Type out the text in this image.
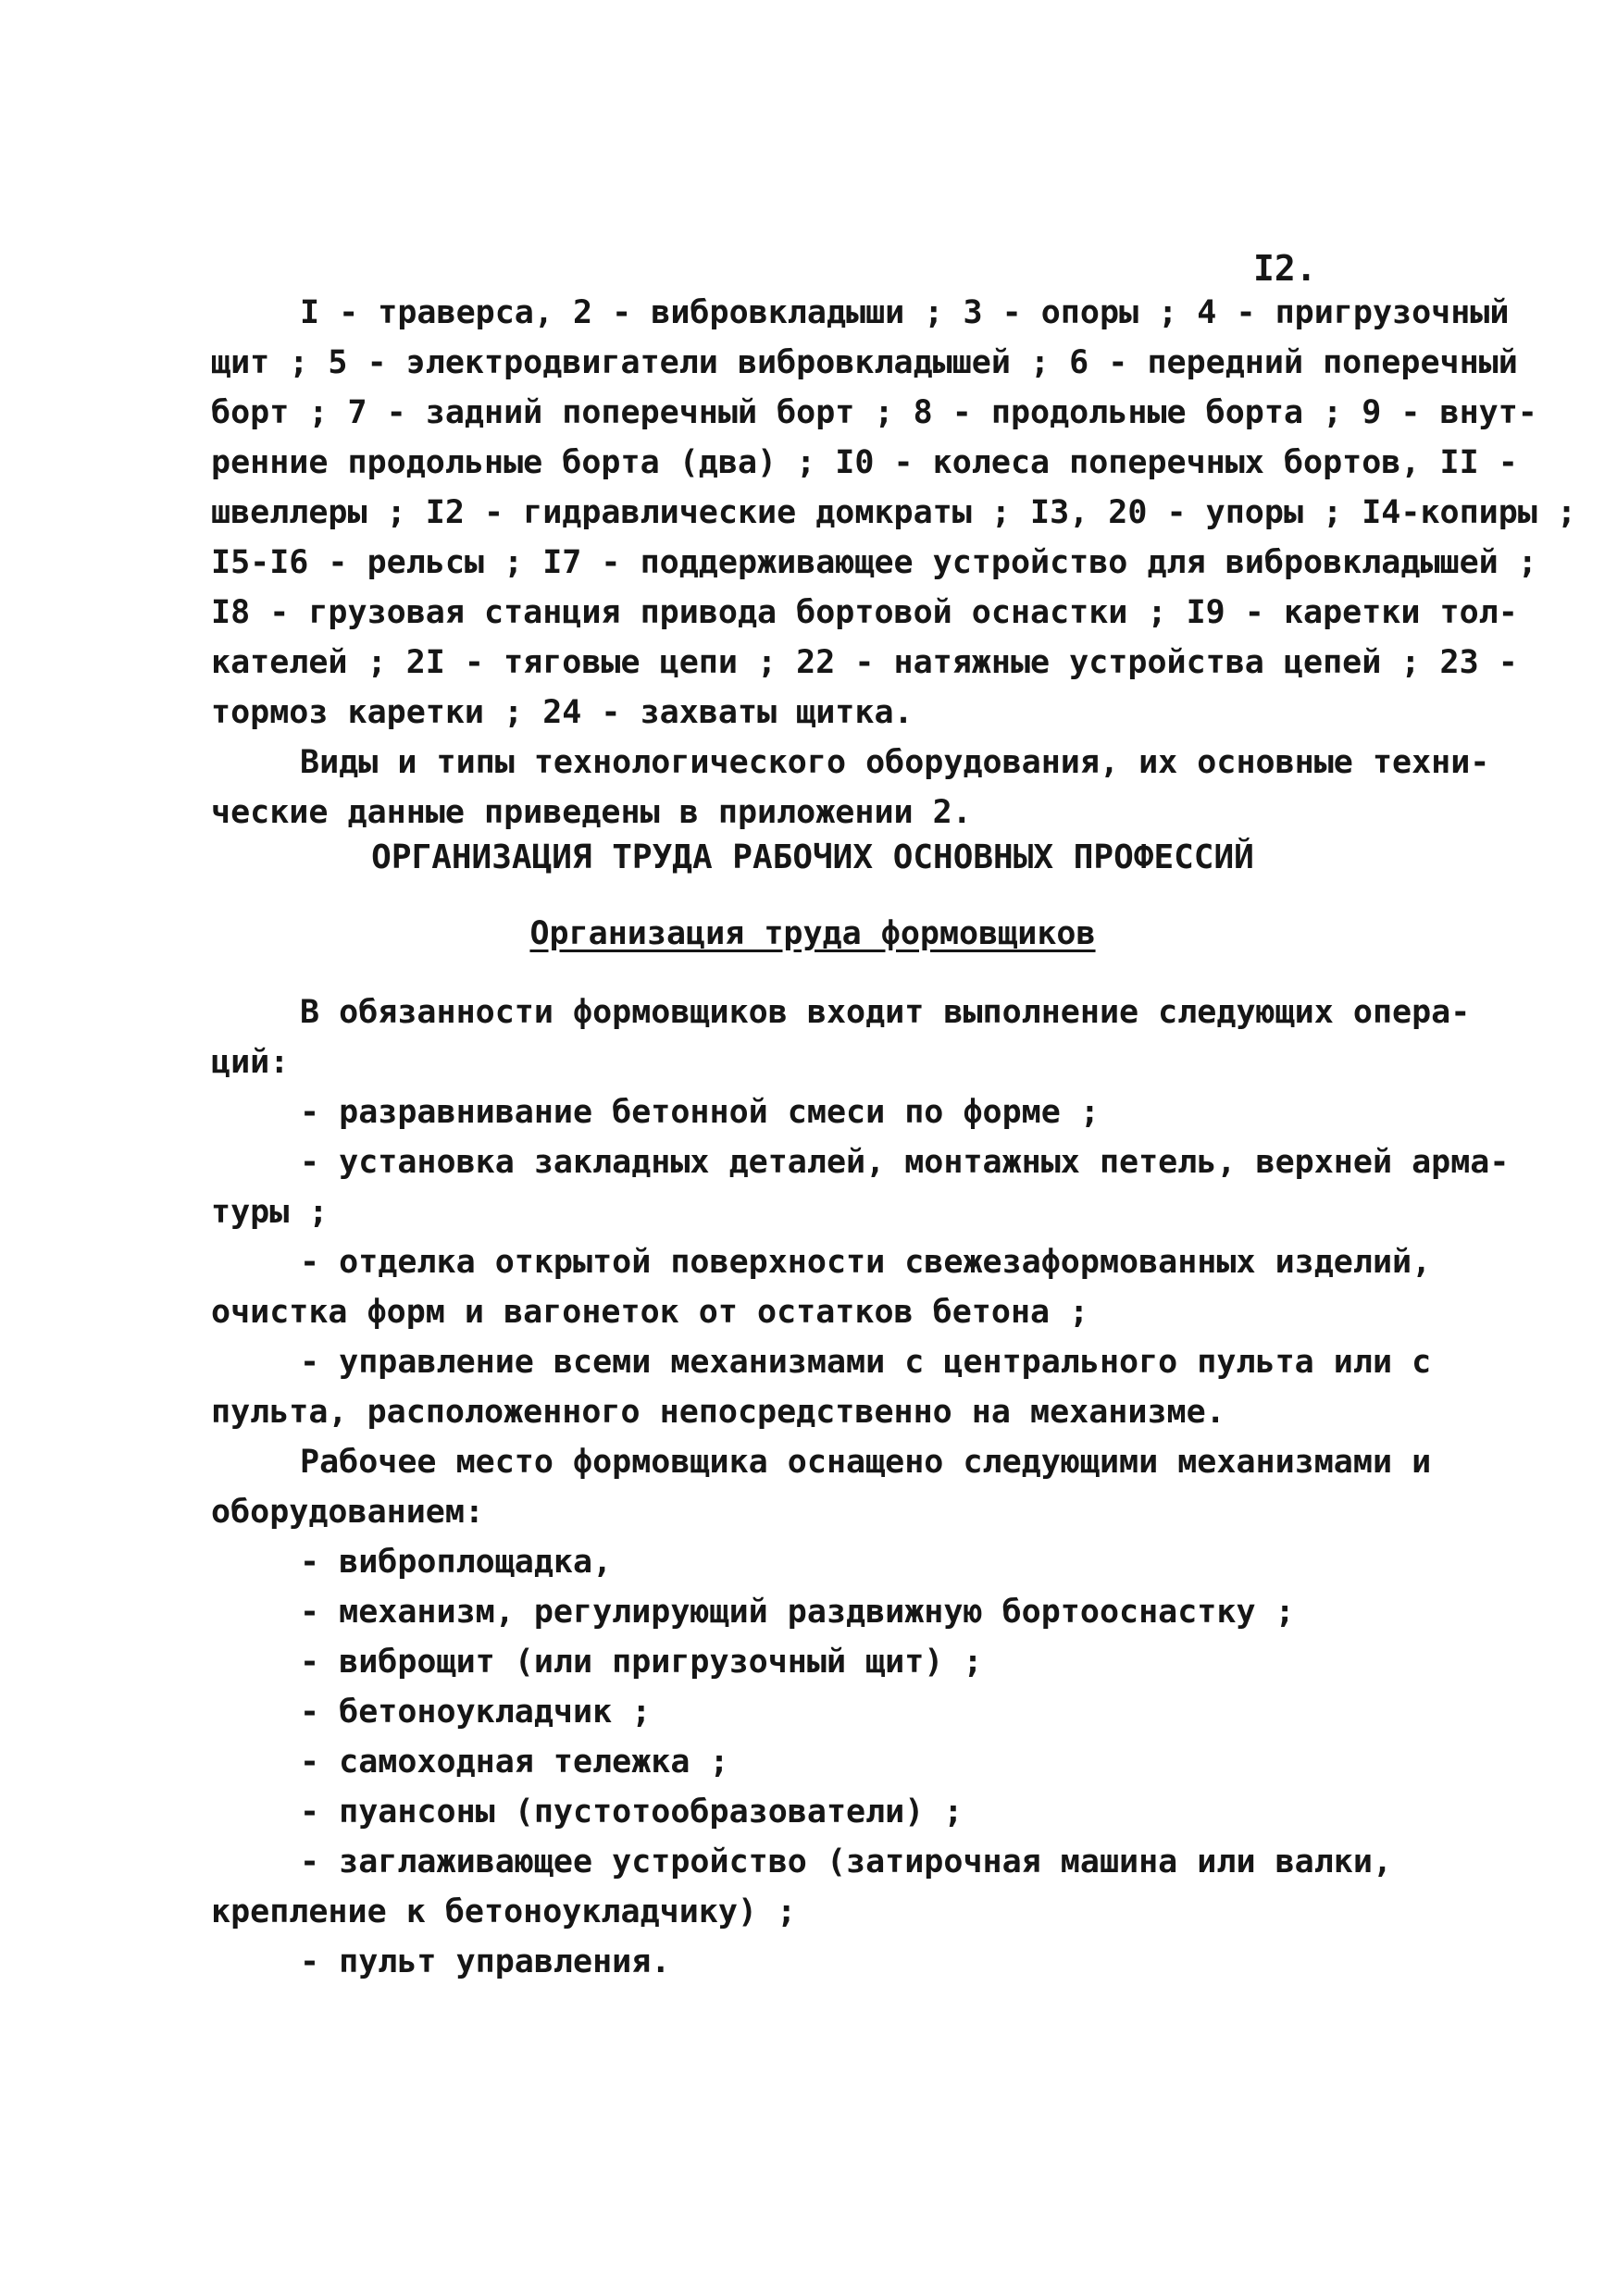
I2.
I - траверса, 2 - вибровкладыши ; 3 - опоры ; 4 - пригрузочный
щит ; 5 - электродвигатели вибровкладышей ; 6 - передний поперечный
борт ; 7 - задний поперечный борт ; 8 - продольные борта ; 9 - внут-
ренние продольные борта (два) ; I0 - колеса поперечных бортов, II -
швеллеры ; I2 - гидравлические домкраты ; I3, 20 - упоры ; I4-копиры ;
I5-I6 - рельсы ; I7 - поддерживающее устройство для вибровкладышей ;
I8 - грузовая станция привода бортовой оснастки ; I9 - каретки тол-
кателей ; 2I - тяговые цепи ; 22 - натяжные устройства цепей ; 23 -
тормоз каретки ; 24 - захваты щитка.
Виды и типы технологического оборудования, их основные техни-
ческие данные приведены в приложении 2.
ОРГАНИЗАЦИЯ ТРУДА РАБОЧИХ ОСНОВНЫХ ПРОФЕССИЙ
Организация труда формовщиков
В обязанности формовщиков входит выполнение следующих опера-
ций:
- разравнивание бетонной смеси по форме ;
- установка закладных деталей, монтажных петель, верхней арма-
туры ;
- отделка открытой поверхности свежезаформованных изделий,
очистка форм и вагонеток от остатков бетона ;
- управление всеми механизмами с центрального пульта или с
пульта, расположенного непосредственно на механизме.
Рабочее место формовщика оснащено следующими механизмами и
оборудованием:
- виброплощадка,
- механизм, регулирующий раздвижную бортооснастку ;
- виброщит (или пригрузочный щит) ;
- бетоноукладчик ;
- самоходная тележка ;
- пуансоны (пустотообразователи) ;
- заглаживающее устройство (затирочная машина или валки,
крепление к бетоноукладчику) ;
- пульт управления.
